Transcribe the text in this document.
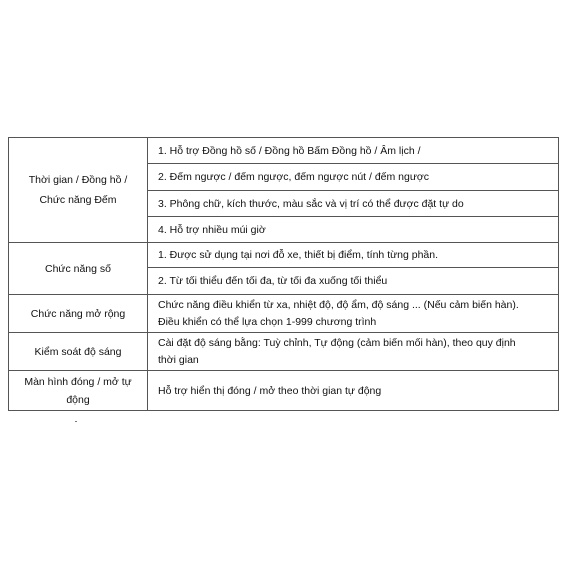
Thời gian / Đồng hồ / Chức năng Đếm	1. Hỗ trợ Đồng hồ số / Đồng hồ Bấm Đồng hồ / Âm lịch /
	2. Đếm ngược / đếm ngược, đếm ngược nút / đếm ngược
	3. Phông chữ, kích thước, màu sắc và vị trí có thể được đặt tự do
	4. Hỗ trợ nhiều múi giờ
Chức năng số	1. Được sử dụng tại nơi đỗ xe, thiết bị điểm, tính từng phần.
	2. Từ tối thiểu đến tối đa, từ tối đa xuống tối thiểu
Chức năng mở rộng	Chức năng điều khiển từ xa, nhiệt độ, độ ẩm, độ sáng ... (Nếu cảm biến hàn).
Điều khiển có thể lựa chọn 1-999 chương trình

Kiểm soát độ sáng	Cài đặt độ sáng bằng: Tuỳ chỉnh, Tự động (cảm biến mối hàn), theo quy định thời gian

Màn hình đóng / mở tự động	Hỗ trợ hiển thị đóng / mở theo thời gian tự động
